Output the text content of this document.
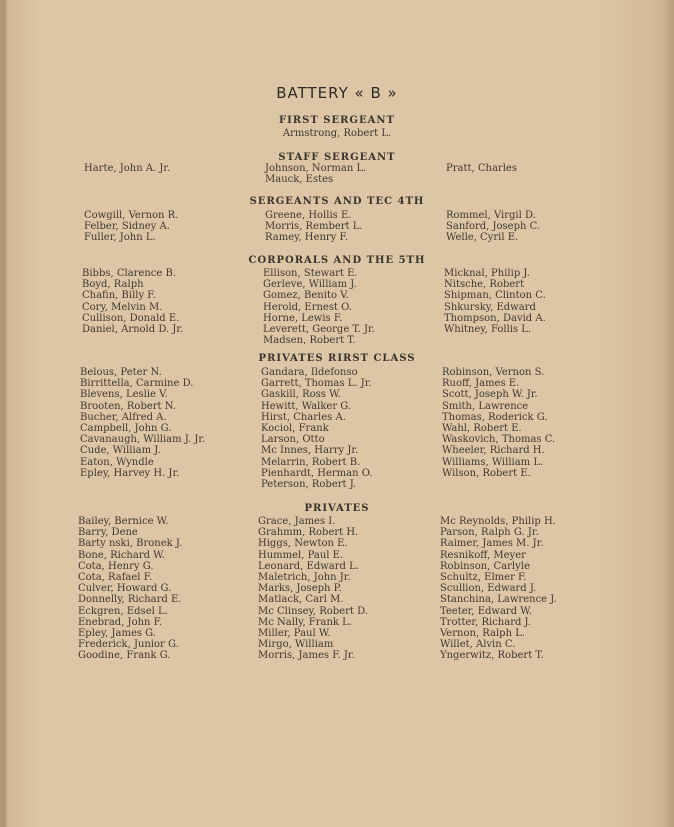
BATTERY « B »
FIRST SERGEANT
Armstrong, Robert L.
STAFF SERGEANT
Harte, John A. Jr.	Johnson, Norman L.
Mauck, Estes
Pratt, Charles
SERGEANTS AND TEC 4TH
Cowgill, Vernon R.
Felber, Sidney A.
Fuller, John L.
Greene, Hollis E.
Morris, Rembert L.
Ramey, Henry F.
Rommel, Virgil D.
Sanford, Joseph C.
Welle, Cyril E.
CORPORALS AND THE 5TH
Bibbs, Clarence B.
Boyd, Ralph
Chafin, Billy F.
Cory, Melvin M.
Cullison, Donald E.
Daniel, Arnold D. Jr.
Ellison, Stewart E.
Gerleve, William J.
Gomez, Benito V.
Herold, Ernest O.
Horne, Lewis F.
Leverett, George T. Jr.
Madsen, Robert T.
Micknal, Philip J.
Nitsche, Robert
Shipman, Clinton C.
Shkursky, Edward
Thompson, David A.
Whitney, Follis L.
PRIVATES RIRST CLASS
Belous, Peter N.
Birrittella, Carmine D.
Blevens, Leslie V.
Brooten, Robert N.
Bucher, Alfred A.
Campbell, John G.
Cavanaugh, William J. Jr.
Cude, William J.
Eaton, Wyndle
Epley, Harvey H. Jr.
Gandara, Ildefonso
Garrett, Thomas L. Jr.
Gaskill, Ross W.
Hewitt, Walker G.
Hirst, Charles A.
Kociol, Frank
Larson, Otto
Mc Innes, Harry Jr.
Melarrin, Robert B.
Pienhardt, Herman O.
Peterson, Robert J.
Robinson, Vernon S.
Ruoff, James E.
Scott, Joseph W. Jr.
Smith, Lawrence
Thomas, Roderick G.
Wahl, Robert E.
Waskovich, Thomas C.
Wheeler, Richard H.
Williams, William L.
Wilson, Robert E.
PRIVATES
Bailey, Bernice W.
Barry, Dene
Barty nski, Bronek J.
Bone, Richard W.
Cota, Henry G.
Cota, Rafael F.
Culver, Howard G.
Donnelly, Richard E.
Eckgren, Edsel L.
Enebrad, John F.
Epley, James G.
Frederick, Junior G.
Goodine, Frank G.
Grace, James I.
Grahmm, Robert H.
Higgs, Newton E.
Hummel, Paul E.
Leonard, Edward L.
Maletrich, John Jr.
Marks, Joseph P.
Matlack, Carl M.
Mc Clinsey, Robert D.
Mc Nally, Frank L.
Miller, Paul W.
Mirgo, William
Morris, James F. Jr.
Mc Reynolds, Philip H.
Parson, Ralph G. Jr.
Raimer, James M. Jr.
Resnikoff, Meyer
Robinson, Carlyle
Schultz, Elmer F.
Scullion, Edward J.
Stanchina, Lawrence J.
Teeter, Edward W.
Trotter, Richard J.
Vernon, Ralph L.
Willet, Alvin C.
Yngerwitz, Robert T.
